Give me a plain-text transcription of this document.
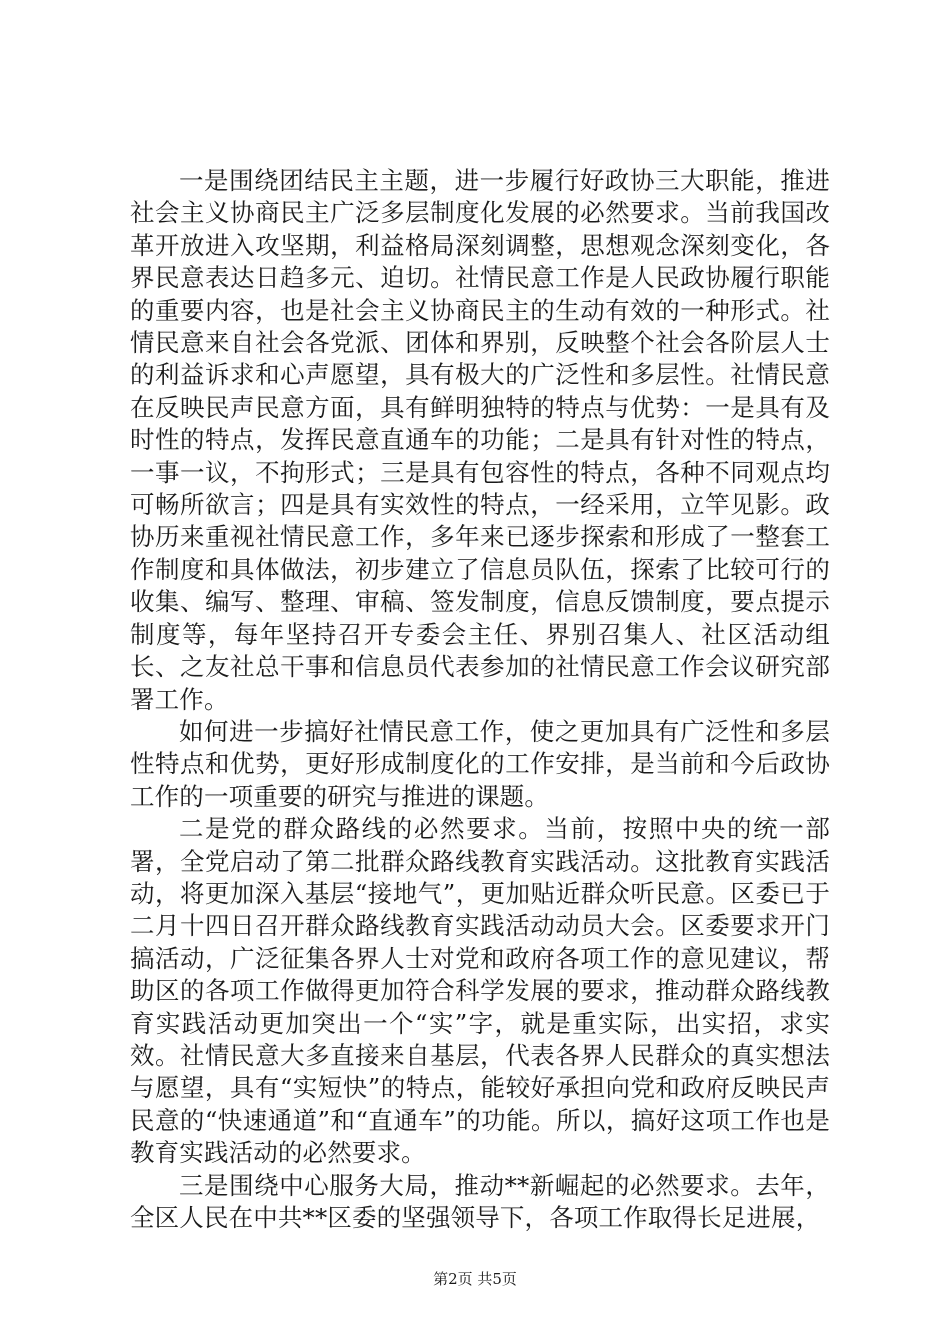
一是围绕团结民主主题，进一步履行好政协三大职能，推进社会主义协商民主广泛多层制度化发展的必然要求。当前我国改革开放进入攻坚期，利益格局深刻调整，思想观念深刻变化，各界民意表达日趋多元、迫切。社情民意工作是人民政协履行职能的重要内容，也是社会主义协商民主的生动有效的一种形式。社情民意来自社会各党派、团体和界别，反映整个社会各阶层人士的利益诉求和心声愿望，具有极大的广泛性和多层性。社情民意在反映民声民意方面，具有鲜明独特的特点与优势：一是具有及时性的特点，发挥民意直通车的功能；二是具有针对性的特点，一事一议，不拘形式；三是具有包容性的特点，各种不同观点均可畅所欲言；四是具有实效性的特点，一经采用，立竿见影。政协历来重视社情民意工作，多年来已逐步探索和形成了一整套工作制度和具体做法，初步建立了信息员队伍，探索了比较可行的收集、编写、整理、审稿、签发制度，信息反馈制度，要点提示制度等，每年坚持召开专委会主任、界别召集人、社区活动组长、之友社总干事和信息员代表参加的社情民意工作会议研究部署工作。

如何进一步搞好社情民意工作，使之更加具有广泛性和多层性特点和优势，更好形成制度化的工作安排，是当前和今后政协工作的一项重要的研究与推进的课题。

二是党的群众路线的必然要求。当前，按照中央的统一部署，全党启动了第二批群众路线教育实践活动。这批教育实践活动，将更加深入基层“接地气”，更加贴近群众听民意。区委已于二月十四日召开群众路线教育实践活动动员大会。区委要求开门搞活动，广泛征集各界人士对党和政府各项工作的意见建议，帮助区的各项工作做得更加符合科学发展的要求，推动群众路线教育实践活动更加突出一个“实”字，就是重实际，出实招，求实效。社情民意大多直接来自基层，代表各界人民群众的真实想法与愿望，具有“实短快”的特点，能较好承担向党和政府反映民声民意的“快速通道”和“直通车”的功能。所以，搞好这项工作也是教育实践活动的必然要求。

三是围绕中心服务大局，推动**新崛起的必然要求。去年，全区人民在中共**区委的坚强领导下，各项工作取得长足进展，

第2页 共5页
